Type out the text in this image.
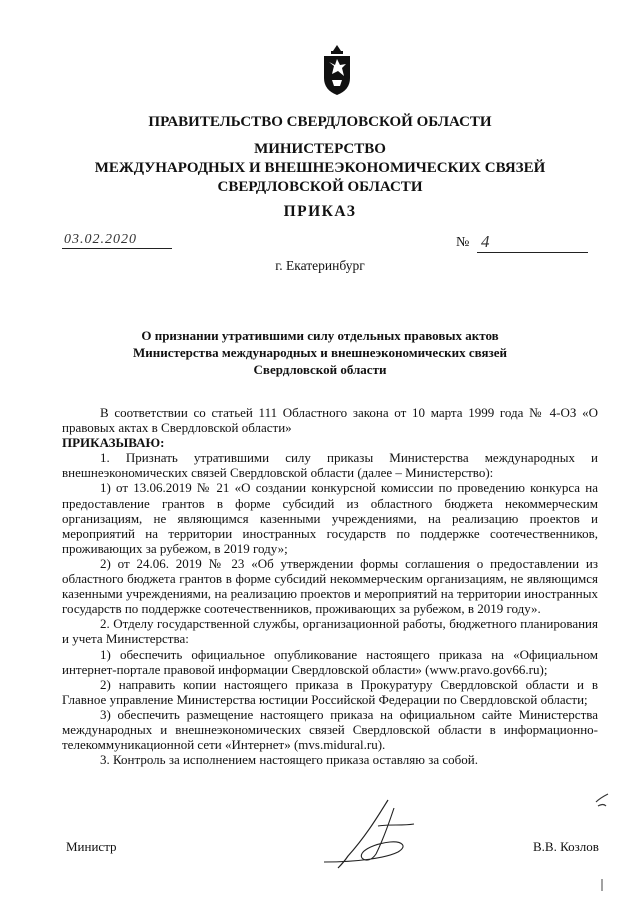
ПРАВИТЕЛЬСТВО СВЕРДЛОВСКОЙ ОБЛАСТИ
МИНИСТЕРСТВО
МЕЖДУНАРОДНЫХ И ВНЕШНЕЭКОНОМИЧЕСКИХ СВЯЗЕЙ
СВЕРДЛОВСКОЙ ОБЛАСТИ
ПРИКАЗ
03.02.2020	№ 4
г. Екатеринбург
О признании утратившими силу отдельных правовых актов
Министерства международных и внешнеэкономических связей
Свердловской области

В соответствии со статьей 111 Областного закона от 10 марта 1999 года № 4-ОЗ «О правовых актах в Свердловской области»

ПРИКАЗЫВАЮ:

1. Признать утратившими силу приказы Министерства международных и внешнеэкономических связей Свердловской области (далее – Министерство):

1) от 13.06.2019 № 21 «О создании конкурсной комиссии по проведению конкурса на предоставление грантов в форме субсидий из областного бюджета некоммерческим организациям, не являющимся казенными учреждениями, на реализацию проектов и мероприятий на территории иностранных государств по поддержке соотечественников, проживающих за рубежом, в 2019 году»;

2) от 24.06. 2019 № 23 «Об утверждении формы соглашения о предоставлении из областного бюджета грантов в форме субсидий некоммерческим организациям, не являющимся казенными учреждениями, на реализацию проектов и мероприятий на территории иностранных государств по поддержке соотечественников, проживающих за рубежом, в 2019 году».

2. Отделу государственной службы, организационной работы, бюджетного планирования и учета Министерства:

1) обеспечить официальное опубликование настоящего приказа на «Официальном интернет-портале правовой информации Свердловской области» (www.pravo.gov66.ru);

2) направить копии настоящего приказа в Прокуратуру Свердловской области и в Главное управление Министерства юстиции Российской Федерации по Свердловской области;

3) обеспечить размещение настоящего приказа на официальном сайте Министерства международных и внешнеэкономических связей Свердловской области в информационно-телекоммуникационной сети «Интернет» (mvs.midural.ru).

3. Контроль за исполнением настоящего приказа оставляю за собой.

Министр	В.В. Козлов
